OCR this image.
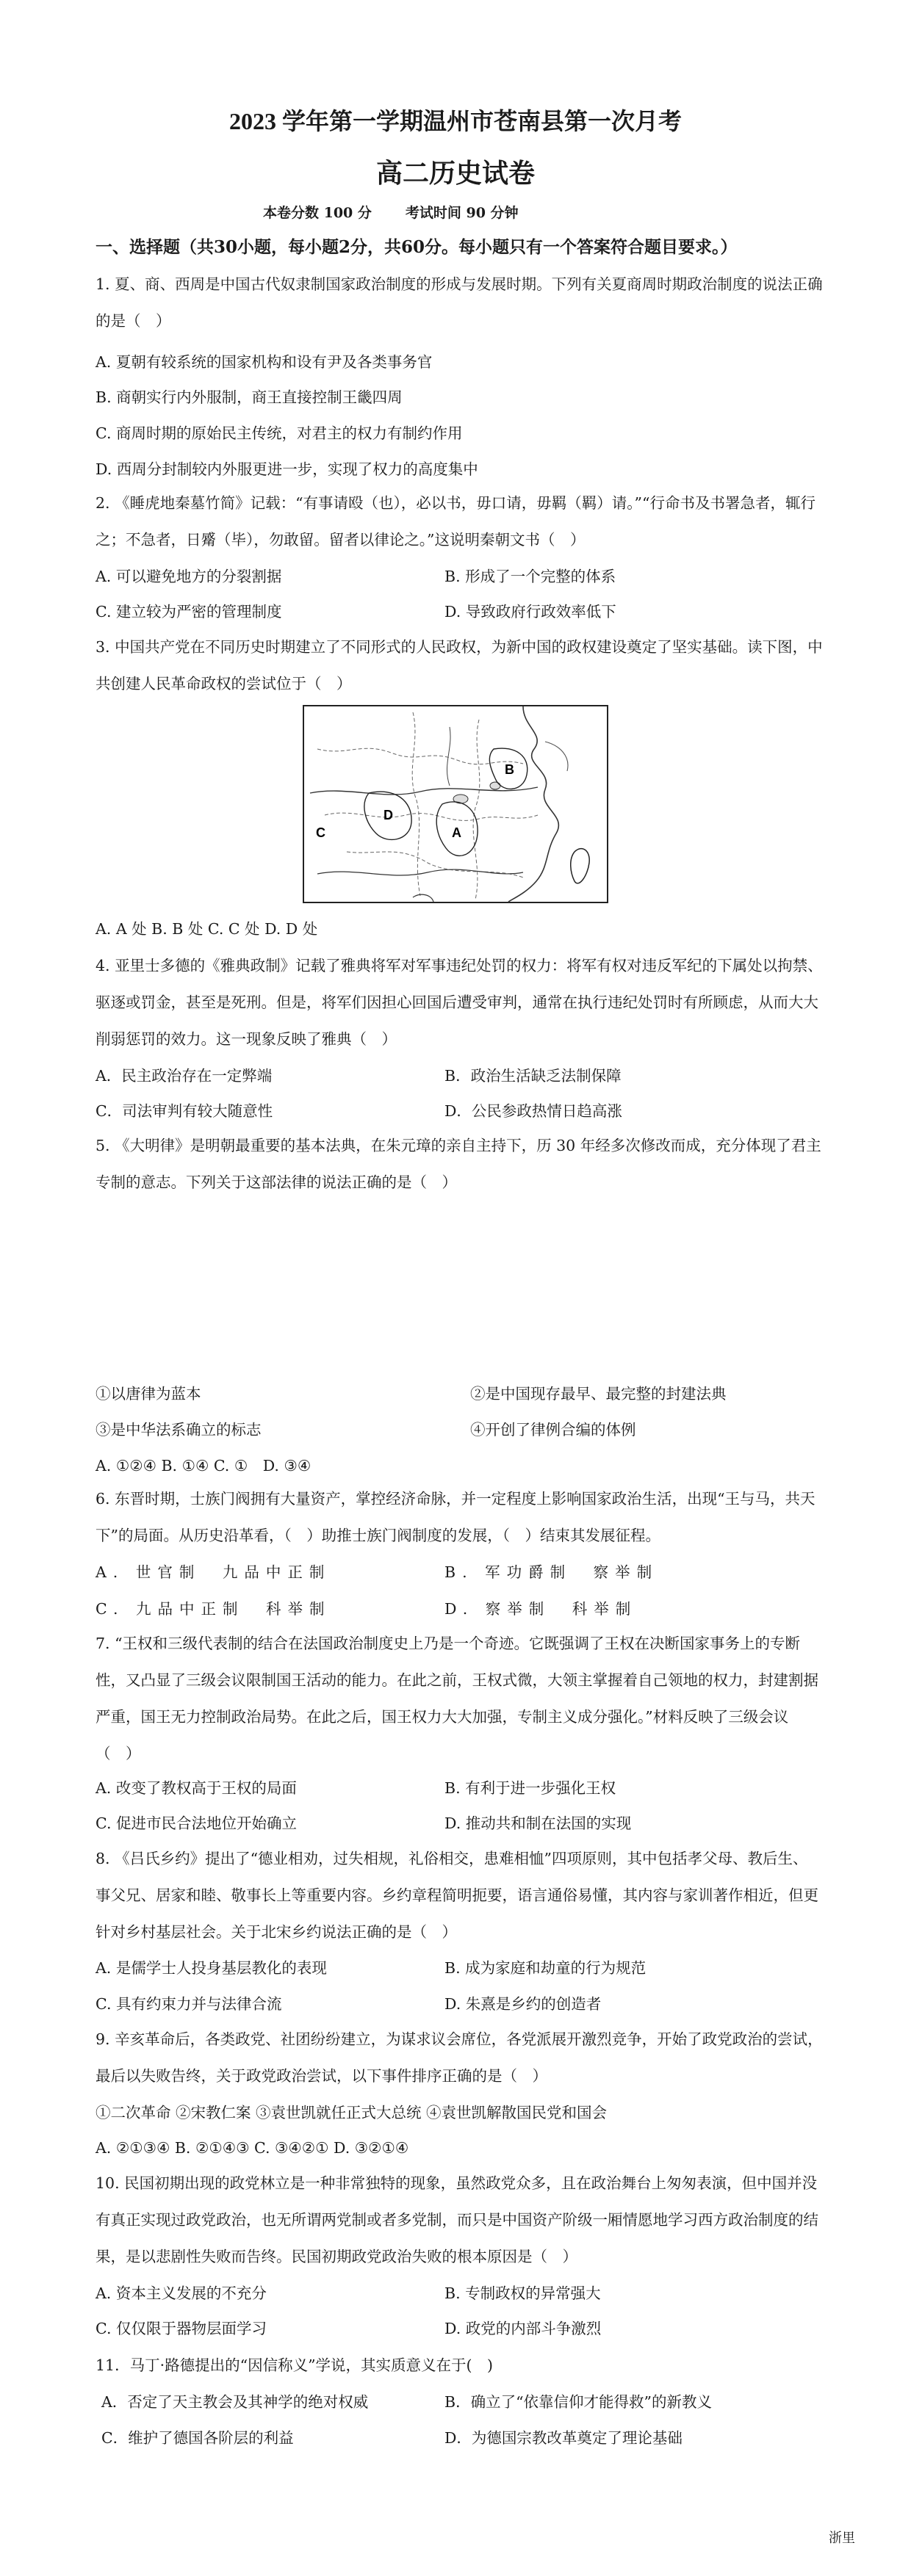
2023 学年第一学期温州市苍南县第一次月考
高二历史试卷
本卷分数 100 分 考试时间 90 分钟
一、选择题（共30小题，每小题2分，共60分。每小题只有一个答案符合题目要求。）

1. 夏、商、西周是中国古代奴隶制国家政治制度的形成与发展时期。下列有关夏商周时期政治制度的说法正确的是（　）

A. 夏朝有较系统的国家机构和设有尹及各类事务官
B. 商朝实行内外服制，商王直接控制王畿四周
C. 商周时期的原始民主传统，对君主的权力有制约作用
D. 西周分封制较内外服更进一步，实现了权力的高度集中

2. 《睡虎地秦墓竹简》记载：“有事请殴（也），必以书，毋口请，毋羁（羁）请。”“行命书及书署急者，辄行之；不急者，日觱（毕），勿敢留。留者以律论之。”这说明秦朝文书（　）

A. 可以避免地方的分裂割据	B. 形成了一个完整的体系
C. 建立较为严密的管理制度	D. 导致政府行政效率低下

3. 中国共产党在不同历史时期建立了不同形式的人民政权，为新中国的政权建设奠定了坚实基础。读下图，中共创建人民革命政权的尝试位于（　）

B
A
D
C
A. A 处 B. B 处 C. C 处 D. D 处

4. 亚里士多德的《雅典政制》记载了雅典将军对军事违纪处罚的权力：将军有权对违反军纪的下属处以拘禁、驱逐或罚金，甚至是死刑。但是，将军们因担心回国后遭受审判，通常在执行违纪处罚时有所顾虑，从而大大削弱惩罚的效力。这一现象反映了雅典（　）

A．民主政治存在一定弊端	B．政治生活缺乏法制保障
C．司法审判有较大随意性	D．公民参政热情日趋高涨

5. 《大明律》是明朝最重要的基本法典，在朱元璋的亲自主持下，历 30 年经多次修改而成，充分体现了君主专制的意志。下列关于这部法律的说法正确的是（　）

①以唐律为蓝本	②是中国现存最早、最完整的封建法典
③是中华法系确立的标志	④开创了律例合编的体例
A. ①②④ B. ①④ C. ①　D. ③④

6. 东晋时期，士族门阀拥有大量资产，掌控经济命脉，并一定程度上影响国家政治生活，出现“王与马，共天下”的局面。从历史沿革看，（　）助推士族门阀制度的发展，（　）结束其发展征程。

A. 世官制　九品中正制	B. 军功爵制　察举制
C. 九品中正制　科举制	D. 察举制　科举制

7. “王权和三级代表制的结合在法国政治制度史上乃是一个奇迹。它既强调了王权在决断国家事务上的专断性，又凸显了三级会议限制国王活动的能力。在此之前，王权式微，大领主掌握着自己领地的权力，封建割据严重，国王无力控制政治局势。在此之后，国王权力大大加强，专制主义成分强化。”材料反映了三级会议（　）

A. 改变了教权高于王权的局面	B. 有利于进一步强化王权
C. 促进市民合法地位开始确立	D. 推动共和制在法国的实现

8. 《吕氏乡约》提出了“德业相劝，过失相规，礼俗相交，患难相恤”四项原则，其中包括孝父母、教后生、事父兄、居家和睦、敬事长上等重要内容。乡约章程简明扼要，语言通俗易懂，其内容与家训著作相近，但更针对乡村基层社会。关于北宋乡约说法正确的是（　）

A. 是儒学士人投身基层教化的表现	B. 成为家庭和劫童的行为规范
C. 具有约束力并与法律合流	D. 朱熹是乡约的创造者

9. 辛亥革命后，各类政党、社团纷纷建立，为谋求议会席位，各党派展开激烈竞争，开始了政党政治的尝试，最后以失败告终，关于政党政治尝试，以下事件排序正确的是（　）

①二次革命 ②宋教仁案 ③袁世凯就任正式大总统 ④袁世凯解散国民党和国会
A. ②①③④ B. ②①④③ C. ③④②① D. ③②①④

10. 民国初期出现的政党林立是一种非常独特的现象，虽然政党众多，且在政治舞台上匆匆表演，但中国并没有真正实现过政党政治，也无所谓两党制或者多党制，而只是中国资产阶级一厢情愿地学习西方政治制度的结果，是以悲剧性失败而告终。民国初期政党政治失败的根本原因是（　）

A. 资本主义发展的不充分	B. 专制政权的异常强大
C. 仅仅限于器物层面学习	D. 政党的内部斗争激烈
11．马丁·路德提出的“因信称义”学说，其实质意义在于(　)
A．否定了天主教会及其神学的绝对权威	B．确立了“依靠信仰才能得救”的新教义
C．维护了德国各阶层的利益	D．为德国宗教改革奠定了理论基础
浙里
